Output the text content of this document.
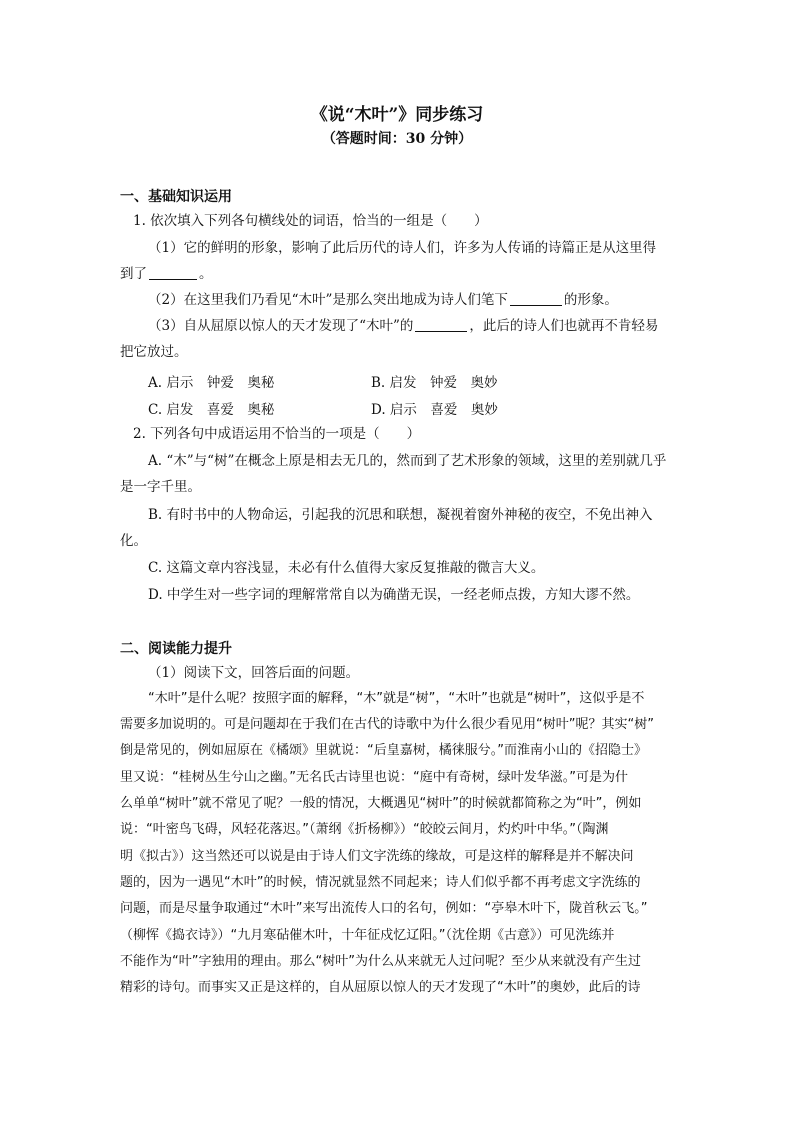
《说“木叶”》同步练习
（答题时间：30 分钟）
一、基础知识运用
1. 依次填入下列各句横线处的词语，恰当的一组是（　　）
（1）它的鲜明的形象，影响了此后历代的诗人们，许多为人传诵的诗篇正是从这里得
到了	。
（2）在这里我们乃看见“木叶”是那么突出地成为诗人们笔下	的形象。
（3）自从屈原以惊人的天才发现了“木叶”的	，此后的诗人们也就再不肯轻易
把它放过。
A. 启示　钟爱　奥秘	B. 启发　钟爱　奥妙
C. 启发　喜爱　奥秘	D. 启示　喜爱　奥妙
2. 下列各句中成语运用不恰当的一项是（　　）
A. “木”与“树”在概念上原是相去无几的，然而到了艺术形象的领域，这里的差别就几乎
是一字千里。
B. 有时书中的人物命运，引起我的沉思和联想，凝视着窗外神秘的夜空，不免出神入
化。
C. 这篇文章内容浅显，未必有什么值得大家反复推敲的微言大义。
D. 中学生对一些字词的理解常常自以为确凿无误，一经老师点拨，方知大谬不然。
二、阅读能力提升
（1）阅读下文，回答后面的问题。
“木叶”是什么呢？按照字面的解释，“木”就是“树”，“木叶”也就是“树叶”，这似乎是不
需要多加说明的。可是问题却在于我们在古代的诗歌中为什么很少看见用“树叶”呢？其实“树”
倒是常见的，例如屈原在《橘颂》里就说：“后皇嘉树，橘徕服兮。”而淮南小山的《招隐士》
里又说：“桂树丛生兮山之幽。”无名氏古诗里也说：“庭中有奇树，绿叶发华滋。”可是为什
么单单“树叶”就不常见了呢？一般的情况，大概遇见“树叶”的时候就都简称之为“叶”，例如
说：“叶密鸟飞碍，风轻花落迟。”（萧纲《折杨柳》）“皎皎云间月，灼灼叶中华。”（陶渊
明《拟古》）这当然还可以说是由于诗人们文字洗练的缘故，可是这样的解释是并不解决问
题的，因为一遇见“木叶”的时候，情况就显然不同起来；诗人们似乎都不再考虑文字洗练的
问题，而是尽量争取通过“木叶”来写出流传人口的名句，例如：“亭皋木叶下，陇首秋云飞。”
（柳恽《捣衣诗》）“九月寒砧催木叶，十年征戍忆辽阳。”（沈佺期《古意》）可见洗练并
不能作为“叶”字独用的理由。那么“树叶”为什么从来就无人过问呢？至少从来就没有产生过
精彩的诗句。而事实又正是这样的，自从屈原以惊人的天才发现了“木叶”的奥妙，此后的诗
